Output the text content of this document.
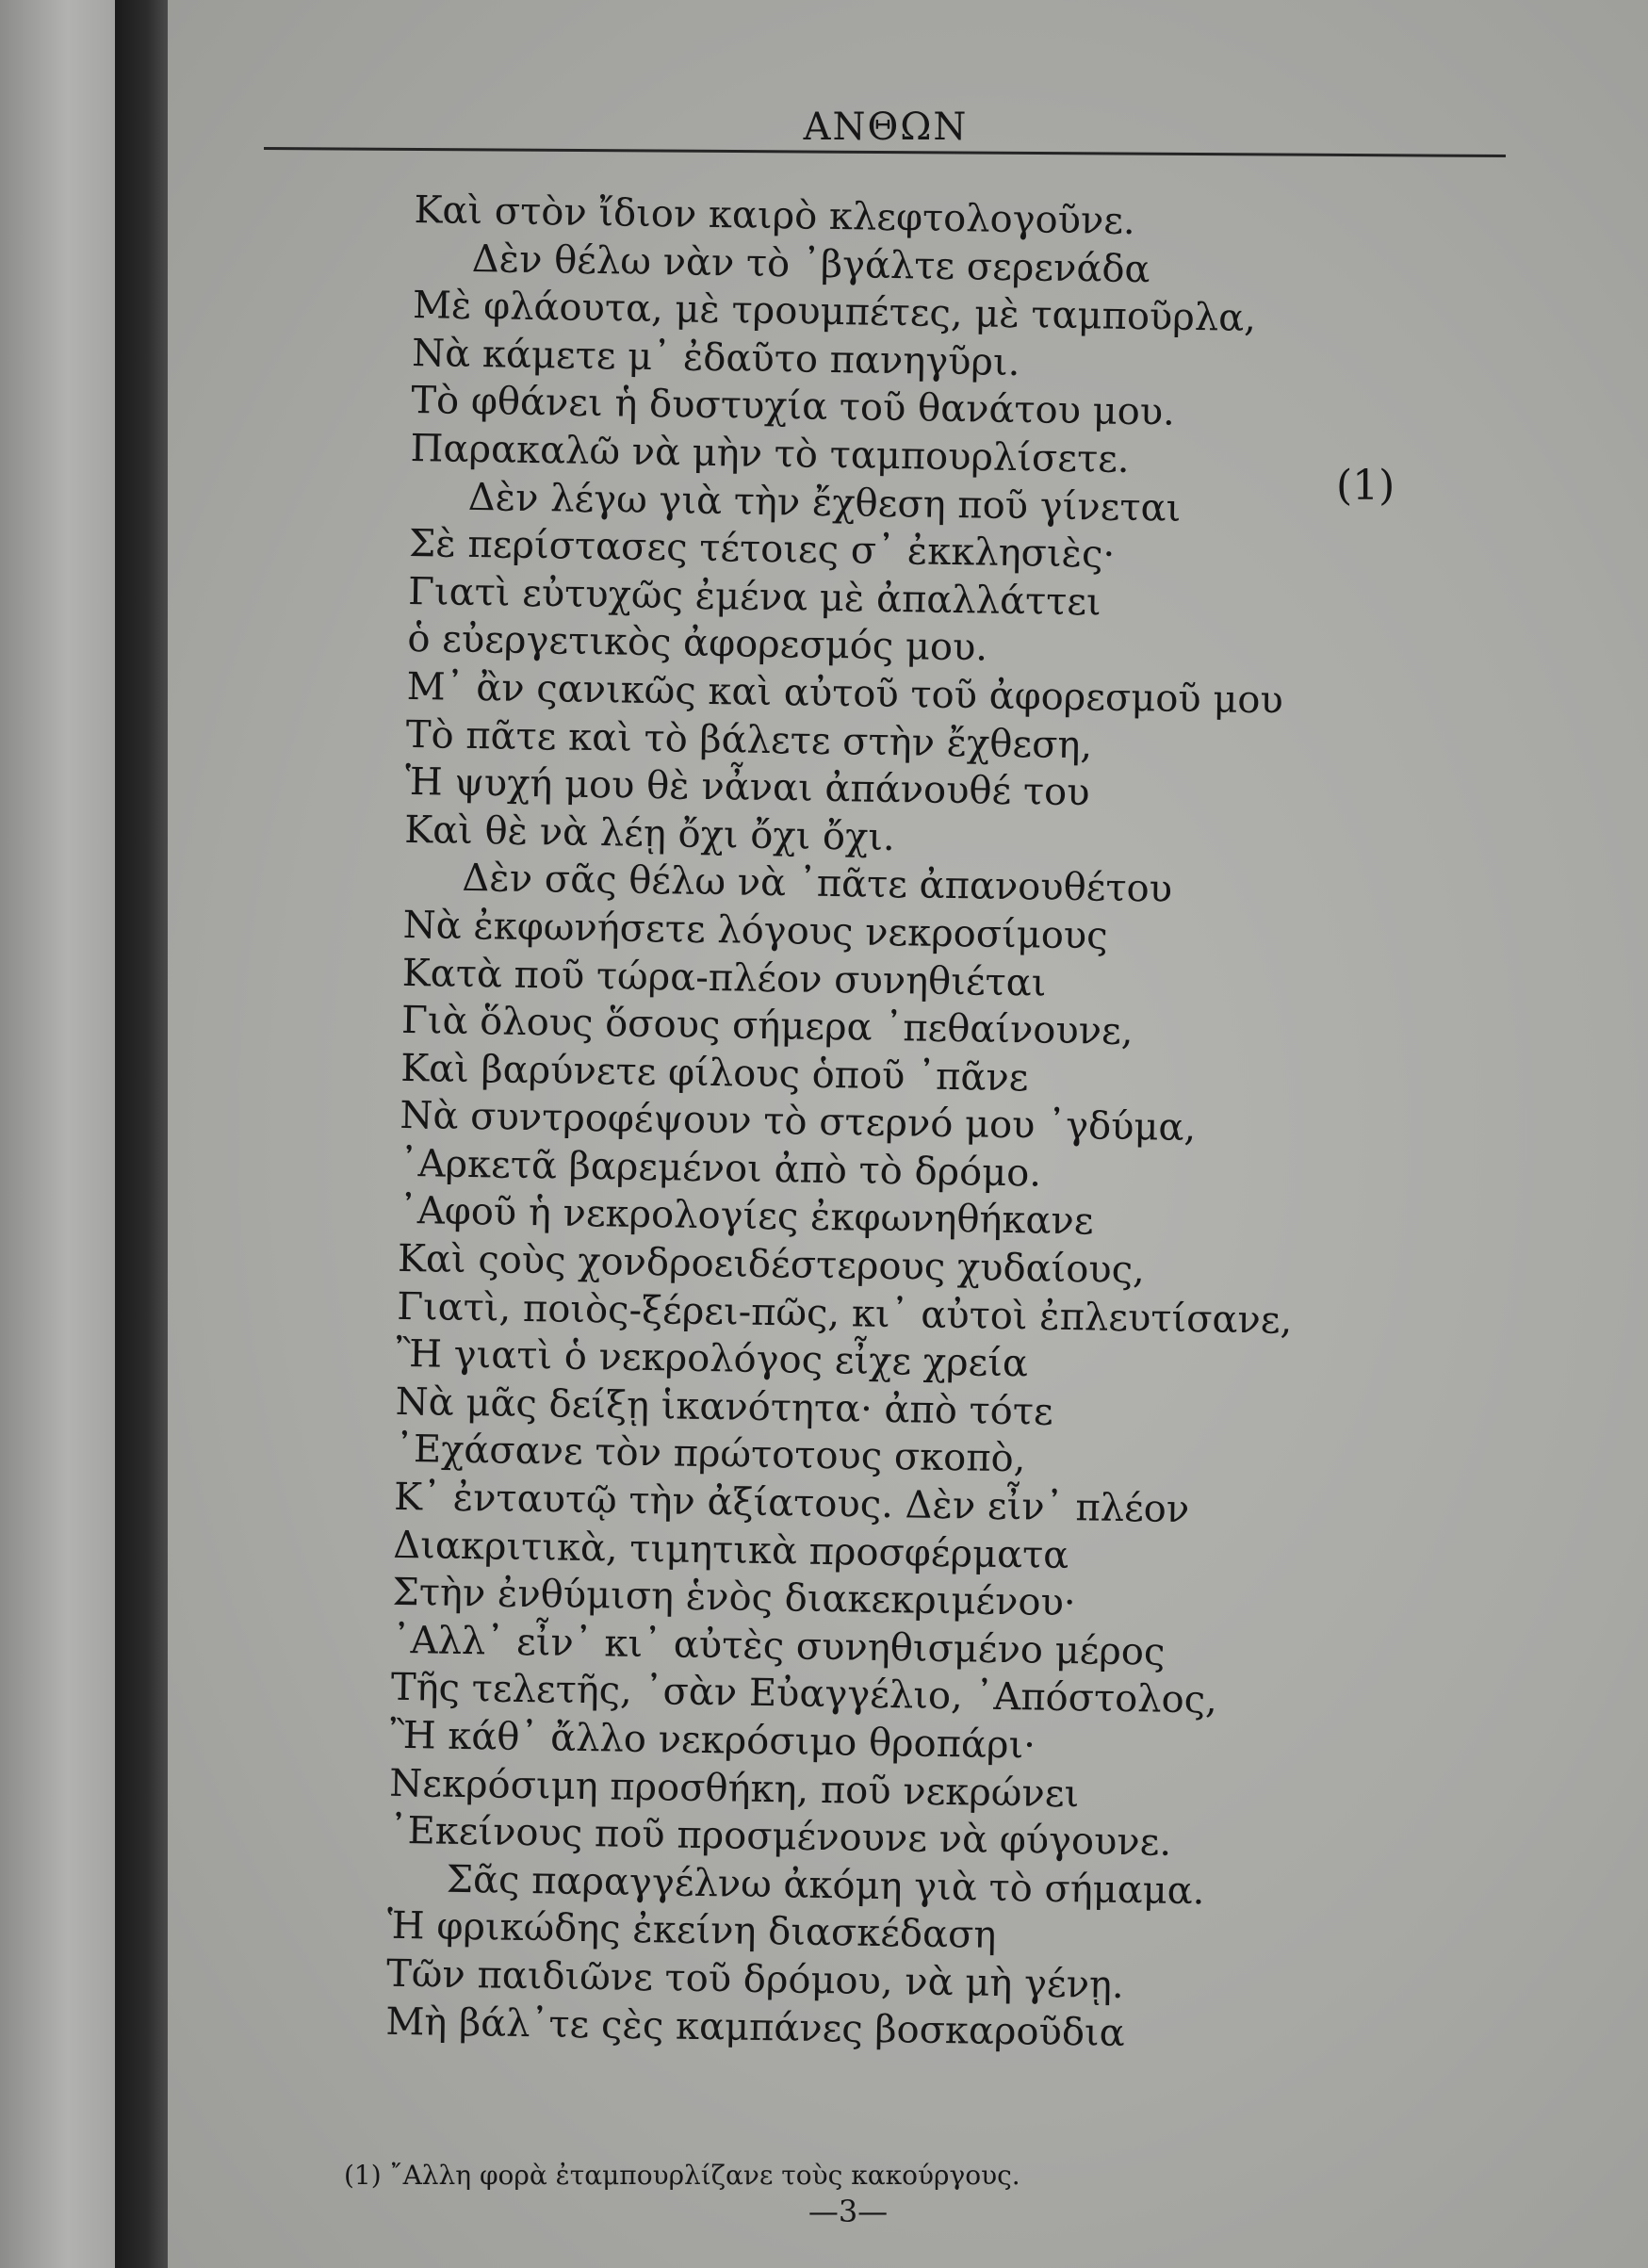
ΑΝΘΩΝ
Καὶ στὸν ἴδιον καιρὸ κλεφτολογοῦνε.
Δὲν θέλω νὰν τὸ ᾿βγάλτε σερενάδα
Μὲ φλάουτα, μὲ τρουμπέτες, μὲ ταμποῦρλα,
Νὰ κάμετε μ᾿ ἐδαῦτο πανηγῦρι.
Τὸ φθάνει ἡ δυστυχία τοῦ θανάτου μου.
Παρακαλῶ νὰ μὴν τὸ ταμπουρλίσετε.
Δὲν λέγω γιὰ τὴν ἔχθεση ποῦ γίνεται
Σὲ περίστασες τέτοιες σ᾿ ἐκκλησιὲς·
Γιατὶ εὐτυχῶς ἐμένα μὲ ἀπαλλάττει
ὁ εὐεργετικὸς ἀφορεσμός μου.
Μ᾿ ἂν ςανικῶς καὶ αὐτοῦ τοῦ ἀφορεσμοῦ μου
Τὸ πᾶτε καὶ τὸ βάλετε στὴν ἔχθεση,
Ἡ ψυχή μου θὲ νἆναι ἀπάνουθέ του
Καὶ θὲ νὰ λέῃ ὄχι ὄχι ὄχι.
Δὲν σᾶς θέλω νὰ ᾿πᾶτε ἀπανουθέτου
Νὰ ἐκφωνήσετε λόγους νεκροσίμους
Κατὰ ποῦ τώρα-πλέον συνηθιέται
Γιὰ ὅλους ὅσους σήμερα ᾿πεθαίνουνε,
Καὶ βαρύνετε φίλους ὁποῦ ᾿πᾶνε
Νὰ συντροφέψουν τὸ στερνό μου ᾿γδύμα,
᾿Αρκετᾶ βαρεμένοι ἀπὸ τὸ δρόμο.
᾿Αφοῦ ἡ νεκρολογίες ἐκφωνηθήκανε
Καὶ ςοὺς χονδροειδέστερους χυδαίους,
Γιατὶ, ποιὸς-ξέρει-πῶς, κι᾿ αὐτοὶ ἐπλευτίσανε,
Ἢ γιατὶ ὁ νεκρολόγος εἶχε χρεία
Νὰ μᾶς δείξῃ ἱκανότητα· ἀπὸ τότε
᾿Εχάσανε τὸν πρώτοτους σκοπὸ,
Κ᾿ ἐνταυτῷ τὴν ἀξίατους. Δὲν εἶν᾿ πλέον
Διακριτικὰ, τιμητικὰ προσφέρματα
Στὴν ἐνθύμιση ἑνὸς διακεκριμένου·
᾿Αλλ᾿ εἶν᾿ κι᾿ αὐτὲς συνηθισμένο μέρος
Τῆς τελετῆς, ᾿σὰν Εὐαγγέλιο, ᾿Απόστολος,
Ἢ κάθ᾿ ἄλλο νεκρόσιμο θροπάρι·
Νεκρόσιμη προσθήκη, ποῦ νεκρώνει
᾿Εκείνους ποῦ προσμένουνε νὰ φύγουνε.
Σᾶς παραγγέλνω ἀκόμη γιὰ τὸ σήμαμα.
Ἡ φρικώδης ἐκείνη διασκέδαση
Τῶν παιδιῶνε τοῦ δρόμου, νὰ μὴ γένῃ.
Μὴ βάλ᾿τε ςὲς καμπάνες βοσκαροῦδια
(1)
(1) ῎Αλλη φορὰ ἐταμπουρλίζανε τοὺς κακούργους.
—3—
